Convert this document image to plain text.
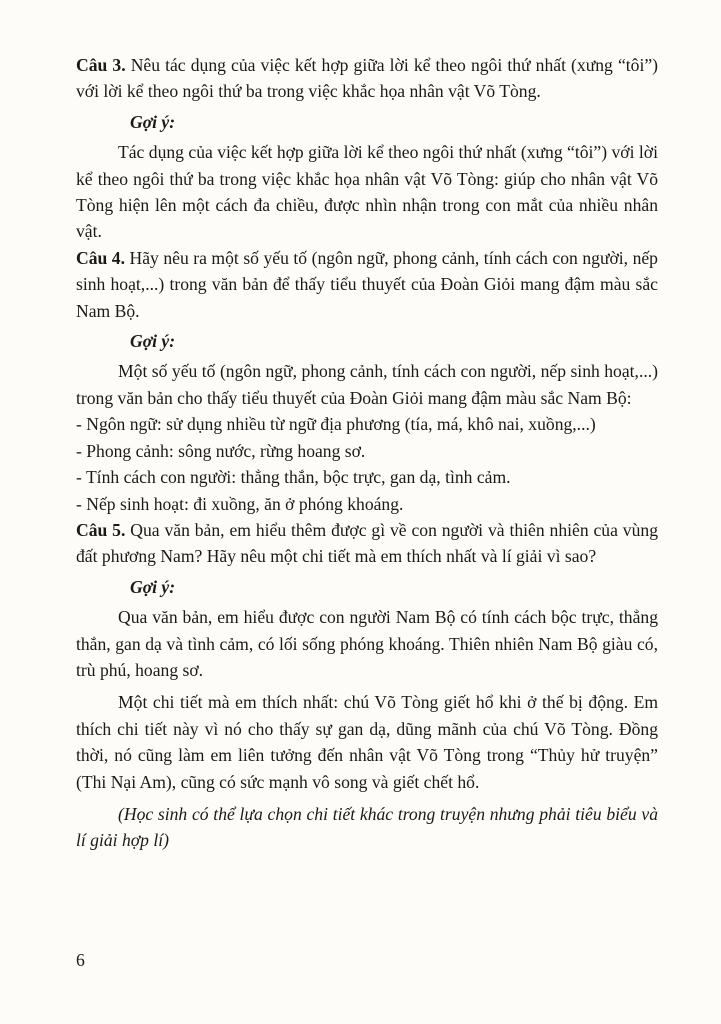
Câu 3. Nêu tác dụng của việc kết hợp giữa lời kể theo ngôi thứ nhất (xưng “tôi”) với lời kể theo ngôi thứ ba trong việc khắc họa nhân vật Võ Tòng.

Gợi ý:

Tác dụng của việc kết hợp giữa lời kể theo ngôi thứ nhất (xưng “tôi”) với lời kể theo ngôi thứ ba trong việc khắc họa nhân vật Võ Tòng: giúp cho nhân vật Võ Tòng hiện lên một cách đa chiều, được nhìn nhận trong con mắt của nhiều nhân vật.

Câu 4. Hãy nêu ra một số yếu tố (ngôn ngữ, phong cảnh, tính cách con người, nếp sinh hoạt,...) trong văn bản để thấy tiểu thuyết của Đoàn Giỏi mang đậm màu sắc Nam Bộ.

Gợi ý:

Một số yếu tố (ngôn ngữ, phong cảnh, tính cách con người, nếp sinh hoạt,...) trong văn bản cho thấy tiểu thuyết của Đoàn Giỏi mang đậm màu sắc Nam Bộ:

- Ngôn ngữ: sử dụng nhiều từ ngữ địa phương (tía, má, khô nai, xuồng,...)

- Phong cảnh: sông nước, rừng hoang sơ.

- Tính cách con người: thẳng thắn, bộc trực, gan dạ, tình cảm.

- Nếp sinh hoạt: đi xuồng, ăn ở phóng khoáng.

Câu 5. Qua văn bản, em hiểu thêm được gì về con người và thiên nhiên của vùng đất phương Nam? Hãy nêu một chi tiết mà em thích nhất và lí giải vì sao?

Gợi ý:

Qua văn bản, em hiểu được con người Nam Bộ có tính cách bộc trực, thẳng thắn, gan dạ và tình cảm, có lối sống phóng khoáng. Thiên nhiên Nam Bộ giàu có, trù phú, hoang sơ.

Một chi tiết mà em thích nhất: chú Võ Tòng giết hổ khi ở thế bị động. Em thích chi tiết này vì nó cho thấy sự gan dạ, dũng mãnh của chú Võ Tòng. Đồng thời, nó cũng làm em liên tưởng đến nhân vật Võ Tòng trong “Thủy hử truyện” (Thi Nại Am), cũng có sức mạnh vô song và giết chết hổ.

(Học sinh có thể lựa chọn chi tiết khác trong truyện nhưng phải tiêu biểu và lí giải hợp lí)

6
